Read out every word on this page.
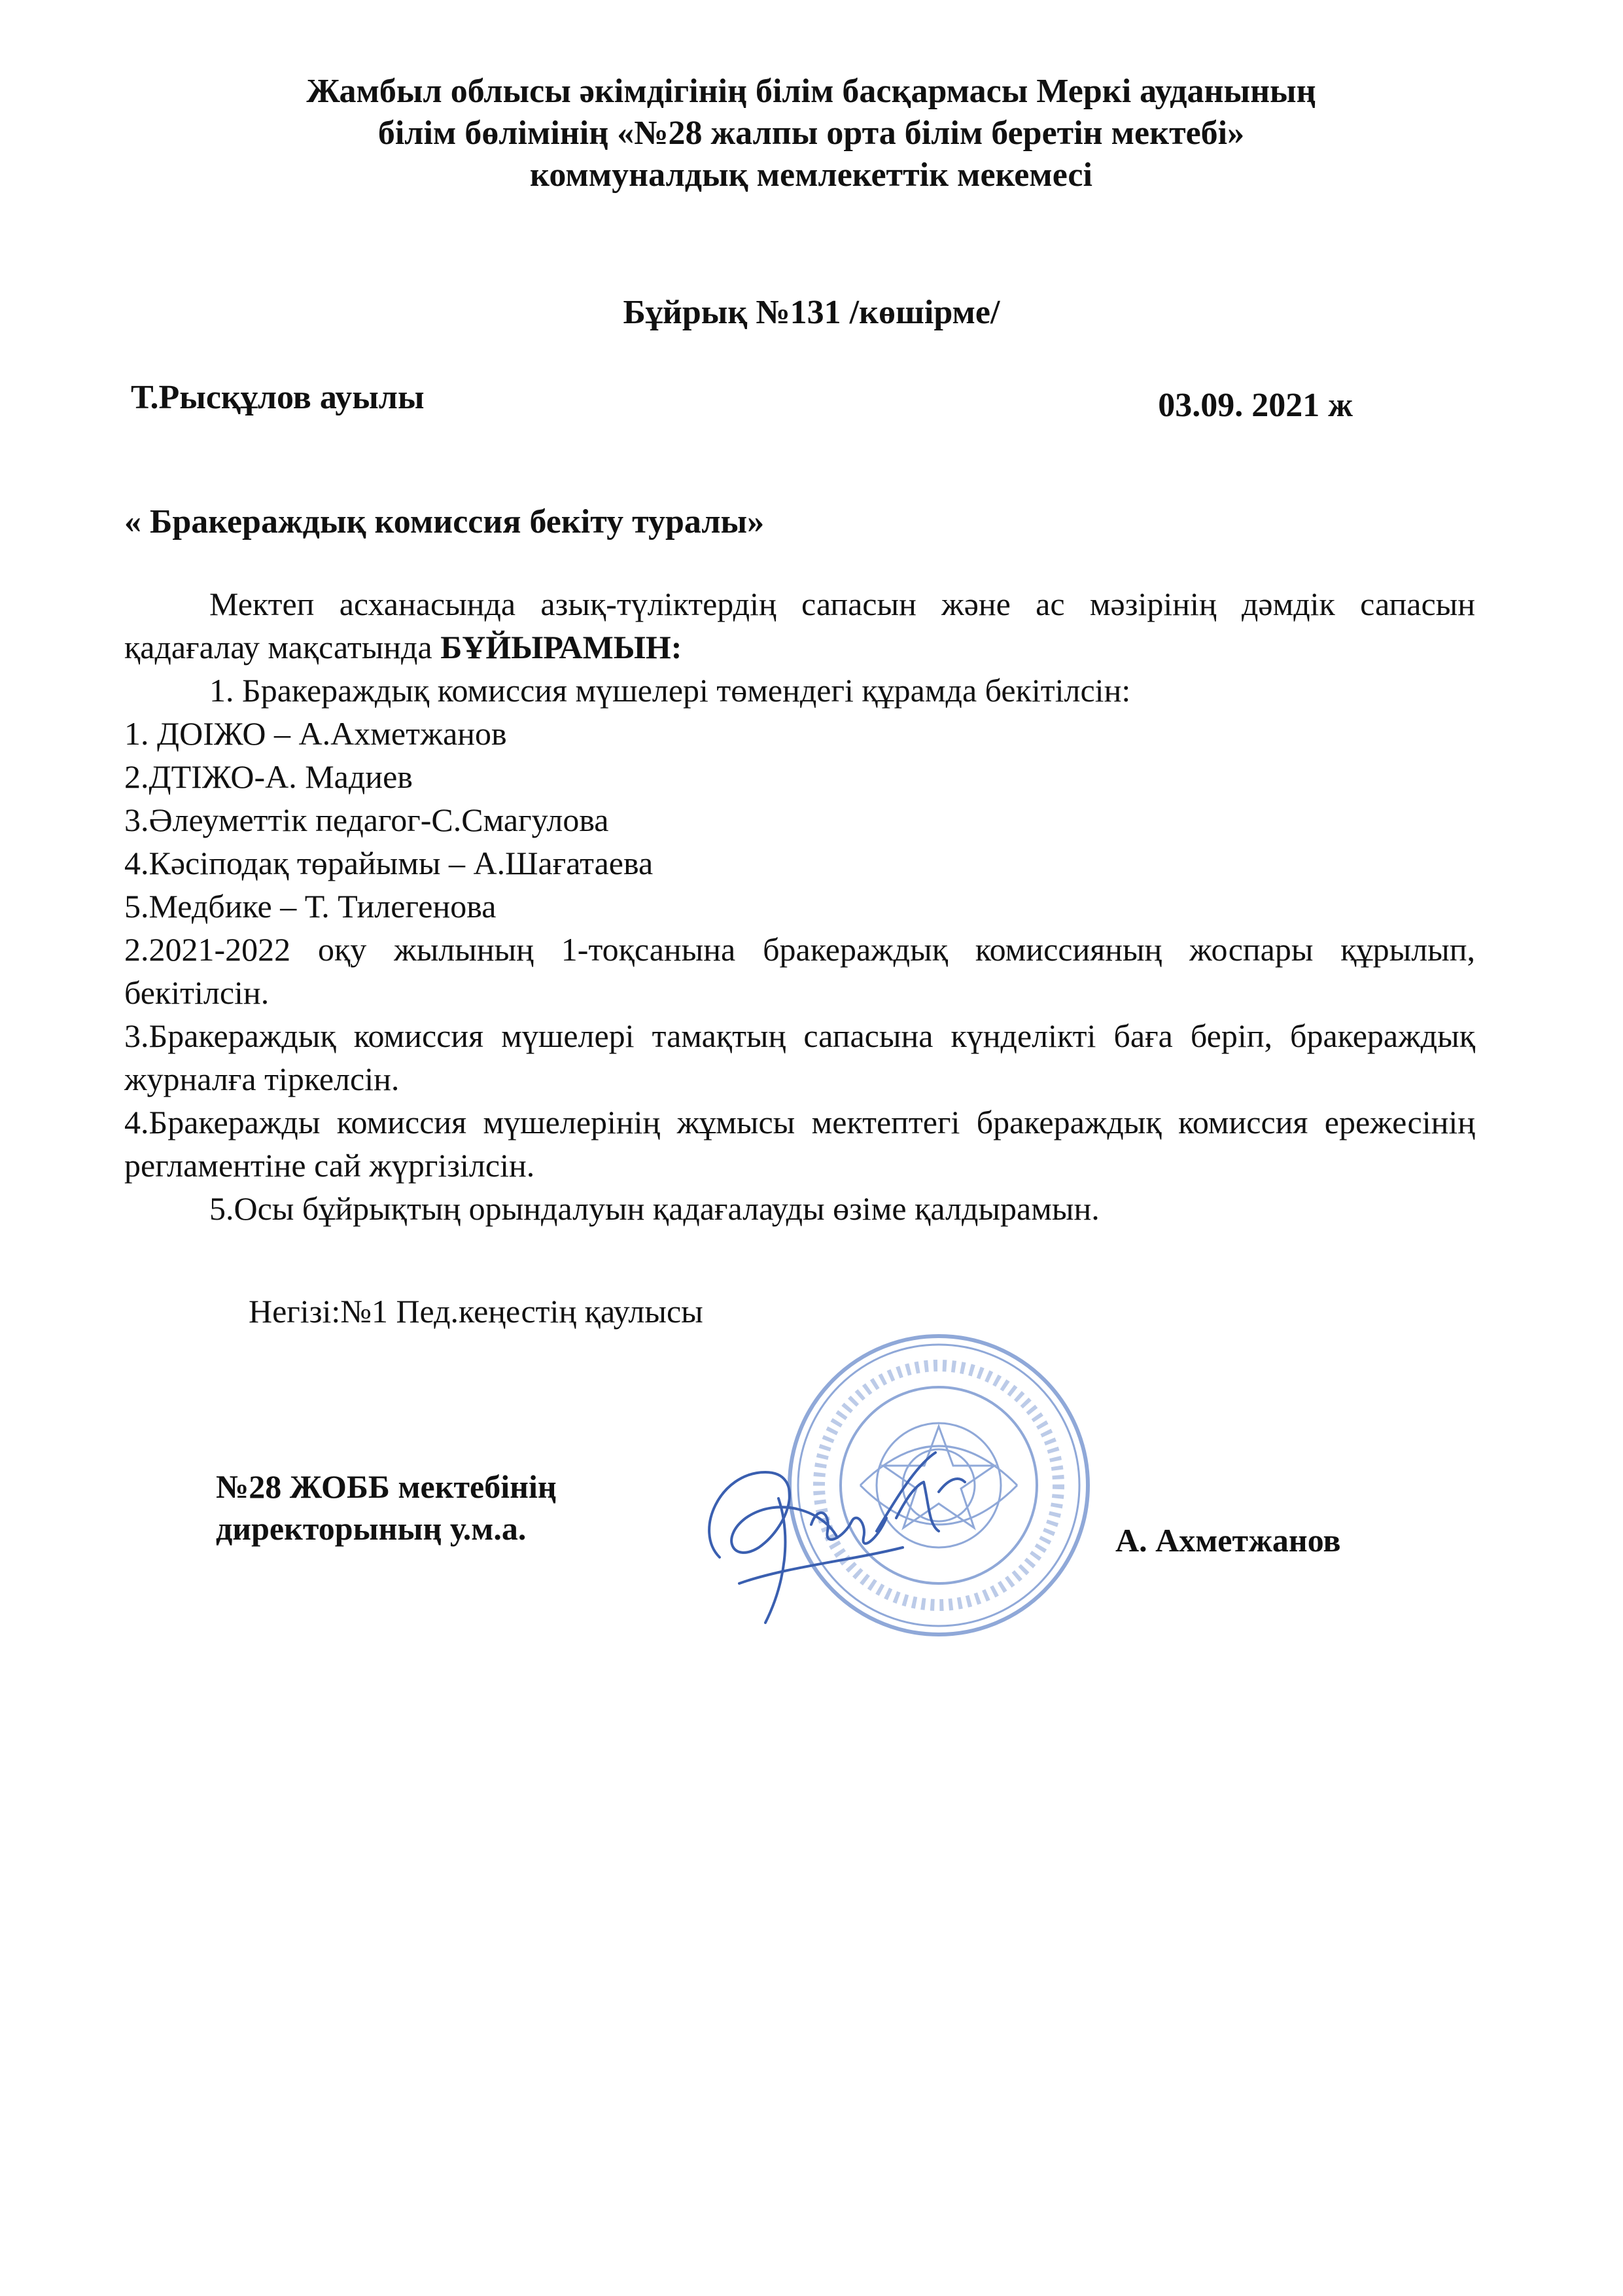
Жамбыл облысы әкімдігінің білім басқармасы Меркі ауданының
білім бөлімінің «№28 жалпы орта білім беретін мектебі»
коммуналдық мемлекеттік мекемесі
Бұйрық №131 /көшірме/
Т.Рысқұлов ауылы	03.09. 2021 ж
« Бракераждық комиссия бекіту туралы»

Мектеп асханасында азық-түліктердің сапасын және ас мәзірінің дәмдік сапасын қадағалау мақсатында БҰЙЫРАМЫН:

1. Бракераждық комиссия мүшелері төмендегі құрамда бекітілсін:

1. ДОІЖО – А.Ахметжанов

2.ДТІЖО-А. Мадиев

3.Әлеуметтік педагог-С.Смагулова

4.Кәсіподақ төрайымы – А.Шағатаева

5.Медбике – Т. Тилегенова

2.2021-2022 оқу жылының 1-тоқсанына бракераждық комиссияның жоспары құрылып, бекітілсін.

3.Бракераждық комиссия мүшелері тамақтың сапасына күнделікті баға беріп, бракераждық журналға тіркелсін.

4.Бракеражды комиссия мүшелерінің жұмысы мектептегі бракераждық комиссия ережесінің регламентіне сай жүргізілсін.

5.Осы бұйрықтың орындалуын қадағалауды өзіме қалдырамын.

Негізі:№1 Пед.кеңестің қаулысы
№28 ЖОББ мектебінің
директорының у.м.а.	А. Ахметжанов
